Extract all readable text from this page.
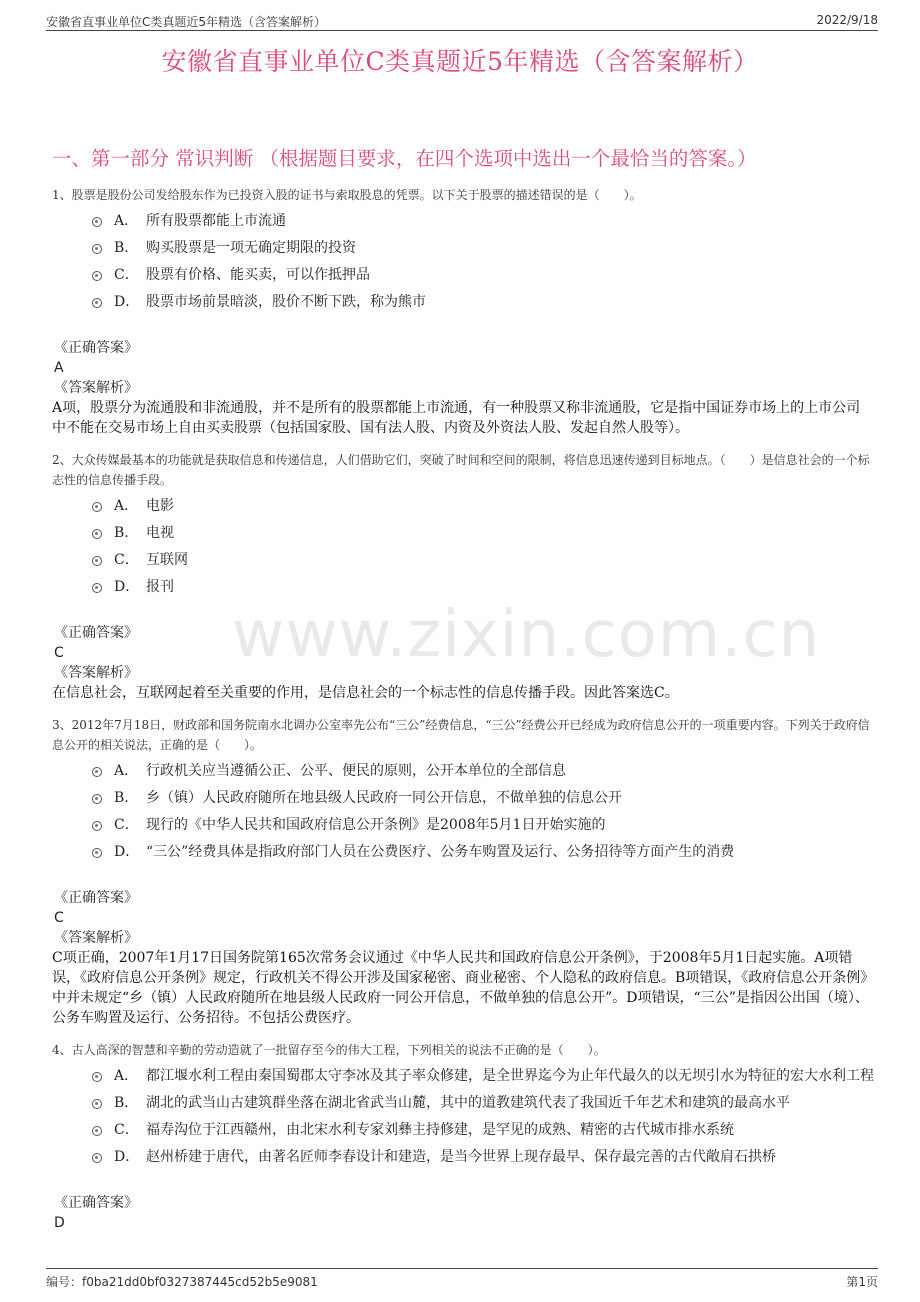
安徽省直事业单位C类真题近5年精选（含答案解析）	2022/9/18
安徽省直事业单位C类真题近5年精选（含答案解析）
一、第一部分 常识判断 （根据题目要求，在四个选项中选出一个最恰当的答案。）
www.zixin.com.cn
1、股票是股份公司发给股东作为已投资入股的证书与索取股息的凭票。以下关于股票的描述错误的是（　　）。
A． 所有股票都能上市流通
B． 购买股票是一项无确定期限的投资
C． 股票有价格、能买卖，可以作抵押品
D． 股票市场前景暗淡，股价不断下跌，称为熊市
《正确答案》
A
《答案解析》
A项，股票分为流通股和非流通股，并不是所有的股票都能上市流通，有一种股票又称非流通股，它是指中国证券市场上的上市公司中不能在交易市场上自由买卖股票（包括国家股、国有法人股、内资及外资法人股、发起自然人股等）。
2、大众传媒最基本的功能就是获取信息和传递信息，人们借助它们，突破了时间和空间的限制，将信息迅速传递到目标地点。（　　）是信息社会的一个标志性的信息传播手段。
A． 电影
B． 电视
C． 互联网
D． 报刊
《正确答案》
C
《答案解析》
在信息社会，互联网起着至关重要的作用，是信息社会的一个标志性的信息传播手段。因此答案选C。
3、2012年7月18日，财政部和国务院南水北调办公室率先公布“三公”经费信息，“三公”经费公开已经成为政府信息公开的一项重要内容。下列关于政府信息公开的相关说法，正确的是（　　）。
A． 行政机关应当遵循公正、公平、便民的原则，公开本单位的全部信息
B． 乡（镇）人民政府随所在地县级人民政府一同公开信息，不做单独的信息公开
C． 现行的《中华人民共和国政府信息公开条例》是2008年5月1日开始实施的
D． “三公”经费具体是指政府部门人员在公费医疗、公务车购置及运行、公务招待等方面产生的消费
《正确答案》
C
《答案解析》
C项正确，2007年1月17日国务院第165次常务会议通过《中华人民共和国政府信息公开条例》，于2008年5月1日起实施。A项错误，《政府信息公开条例》规定，行政机关不得公开涉及国家秘密、商业秘密、个人隐私的政府信息。B项错误，《政府信息公开条例》中并未规定“乡（镇）人民政府随所在地县级人民政府一同公开信息，不做单独的信息公开”。D项错误，“三公”是指因公出国（境）、公务车购置及运行、公务招待。不包括公费医疗。
4、古人高深的智慧和辛勤的劳动造就了一批留存至今的伟大工程，下列相关的说法不正确的是（　　）。
A． 都江堰水利工程由秦国蜀郡太守李冰及其子率众修建，是全世界迄今为止年代最久的以无坝引水为特征的宏大水利工程
B． 湖北的武当山古建筑群坐落在湖北省武当山麓，其中的道教建筑代表了我国近千年艺术和建筑的最高水平
C． 福寿沟位于江西赣州，由北宋水利专家刘彝主持修建，是罕见的成熟、精密的古代城市排水系统
D． 赵州桥建于唐代，由著名匠师李春设计和建造，是当今世界上现存最早、保存最完善的古代敞肩石拱桥
《正确答案》
D
编号：f0ba21dd0bf0327387445cd52b5e9081	第1页
